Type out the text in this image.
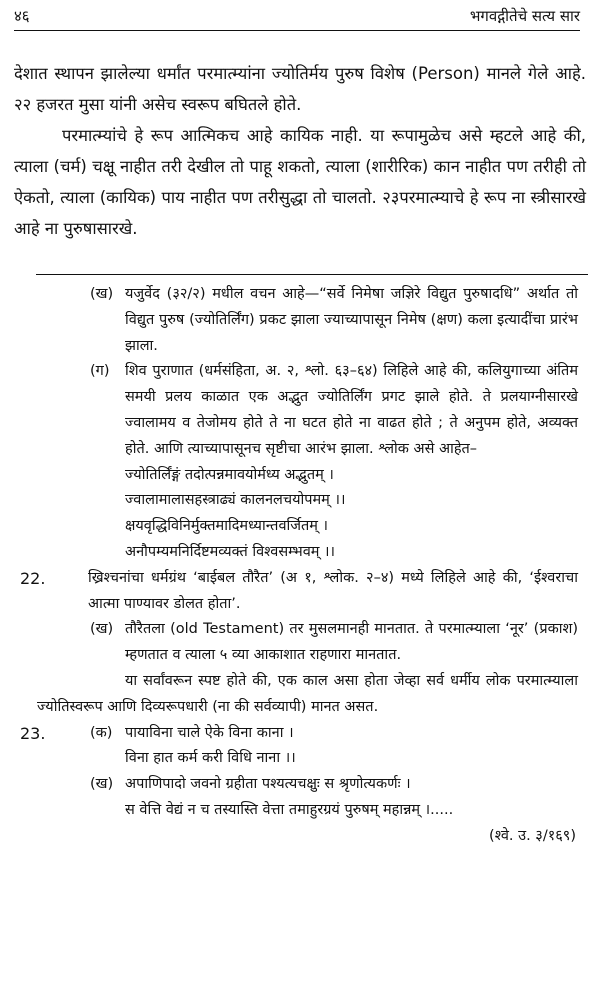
४६	भगवद्गीतेचे सत्य सार

देशात स्थापन झालेल्या धर्मांत परमात्म्यांना ज्योतिर्मय पुरुष विशेष (Person) मानले गेले आहे. २२ हजरत मुसा यांनी असेच स्वरूप बघितले होते.

परमात्म्यांचे हे रूप आत्मिकच आहे कायिक नाही. या रूपामुळेच असे म्हटले आहे की, त्याला (चर्म) चक्षू नाहीत तरी देखील तो पाहू शकतो, त्याला (शारीरिक) कान नाहीत पण तरीही तो ऐकतो, त्याला (कायिक) पाय नाहीत पण तरीसुद्धा तो चालतो. २३परमात्म्याचे हे रूप ना स्त्रीसारखे आहे ना पुरुषासारखे.

(ख) यजुर्वेद (३२/२) मधील वचन आहे—“सर्वे निमेषा जज्ञिरे विद्युत पुरुषादधि” अर्थात तो विद्युत पुरुष (ज्योतिर्लिंग) प्रकट झाला ज्याच्यापासून निमेष (क्षण) कला इत्यादींचा प्रारंभ झाला.
(ग) शिव पुराणात (धर्मसंहिता, अ. २, श्लो. ६३–६४) लिहिले आहे की, कलियुगाच्या अंतिम समयी प्रलय काळात एक अद्भुत ज्योतिर्लिंग प्रगट झाले होते. ते प्रलयाग्नीसारखे ज्वालामय व तेजोमय होते ते ना घटत होते ना वाढत होते ; ते अनुपम होते, अव्यक्त होते. आणि त्याच्यापासूनच सृष्टीचा आरंभ झाला. श्लोक असे आहेत–
ज्योतिर्लिंङ्गं तदोत्पन्नमावयोर्मध्य अद्भुतम् ।
ज्वालामालासहस्त्राढ्यं कालनलचयोपमम् ।।
क्षयवृद्धिविनिर्मुक्तमादिमध्यान्तवर्जितम् ।
अनौपम्यमनिर्दिष्टमव्यक्तं विश्वसम्भवम् ।।
22.	ख्रिश्चनांचा धर्मग्रंथ ‘बाईबल तौरैत’ (अ १, श्लोक. २–४) मध्ये लिहिले आहे की, ‘ईश्वराचा आत्मा पाण्यावर डोलत होता’.
(ख) तौरैतला (old Testament) तर मुसलमानही मानतात. ते परमात्म्याला ‘नूर’ (प्रकाश) म्हणतात व त्याला ५ व्या आकाशात राहणारा मानतात.
या सर्वांवरून स्पष्ट होते की, एक काल असा होता जेव्हा सर्व धर्मीय लोक परमात्म्याला ज्योतिस्वरूप आणि दिव्यरूपधारी (ना की सर्वव्यापी) मानत असत.
23.	(क) पायाविना चाले ऐके विना काना ।
विना हात कर्म करी विधि नाना ।।
(ख) अपाणिपादो जवनो ग्रहीता पश्यत्यचक्षुः स श्रृणोत्यकर्णः ।
स वेत्ति वेद्यं न च तस्यास्ति वेत्ता तमाहुरग्रयं पुरुषम् महान्नम् ।.....
(श्वे. उ. ३/१६९)
